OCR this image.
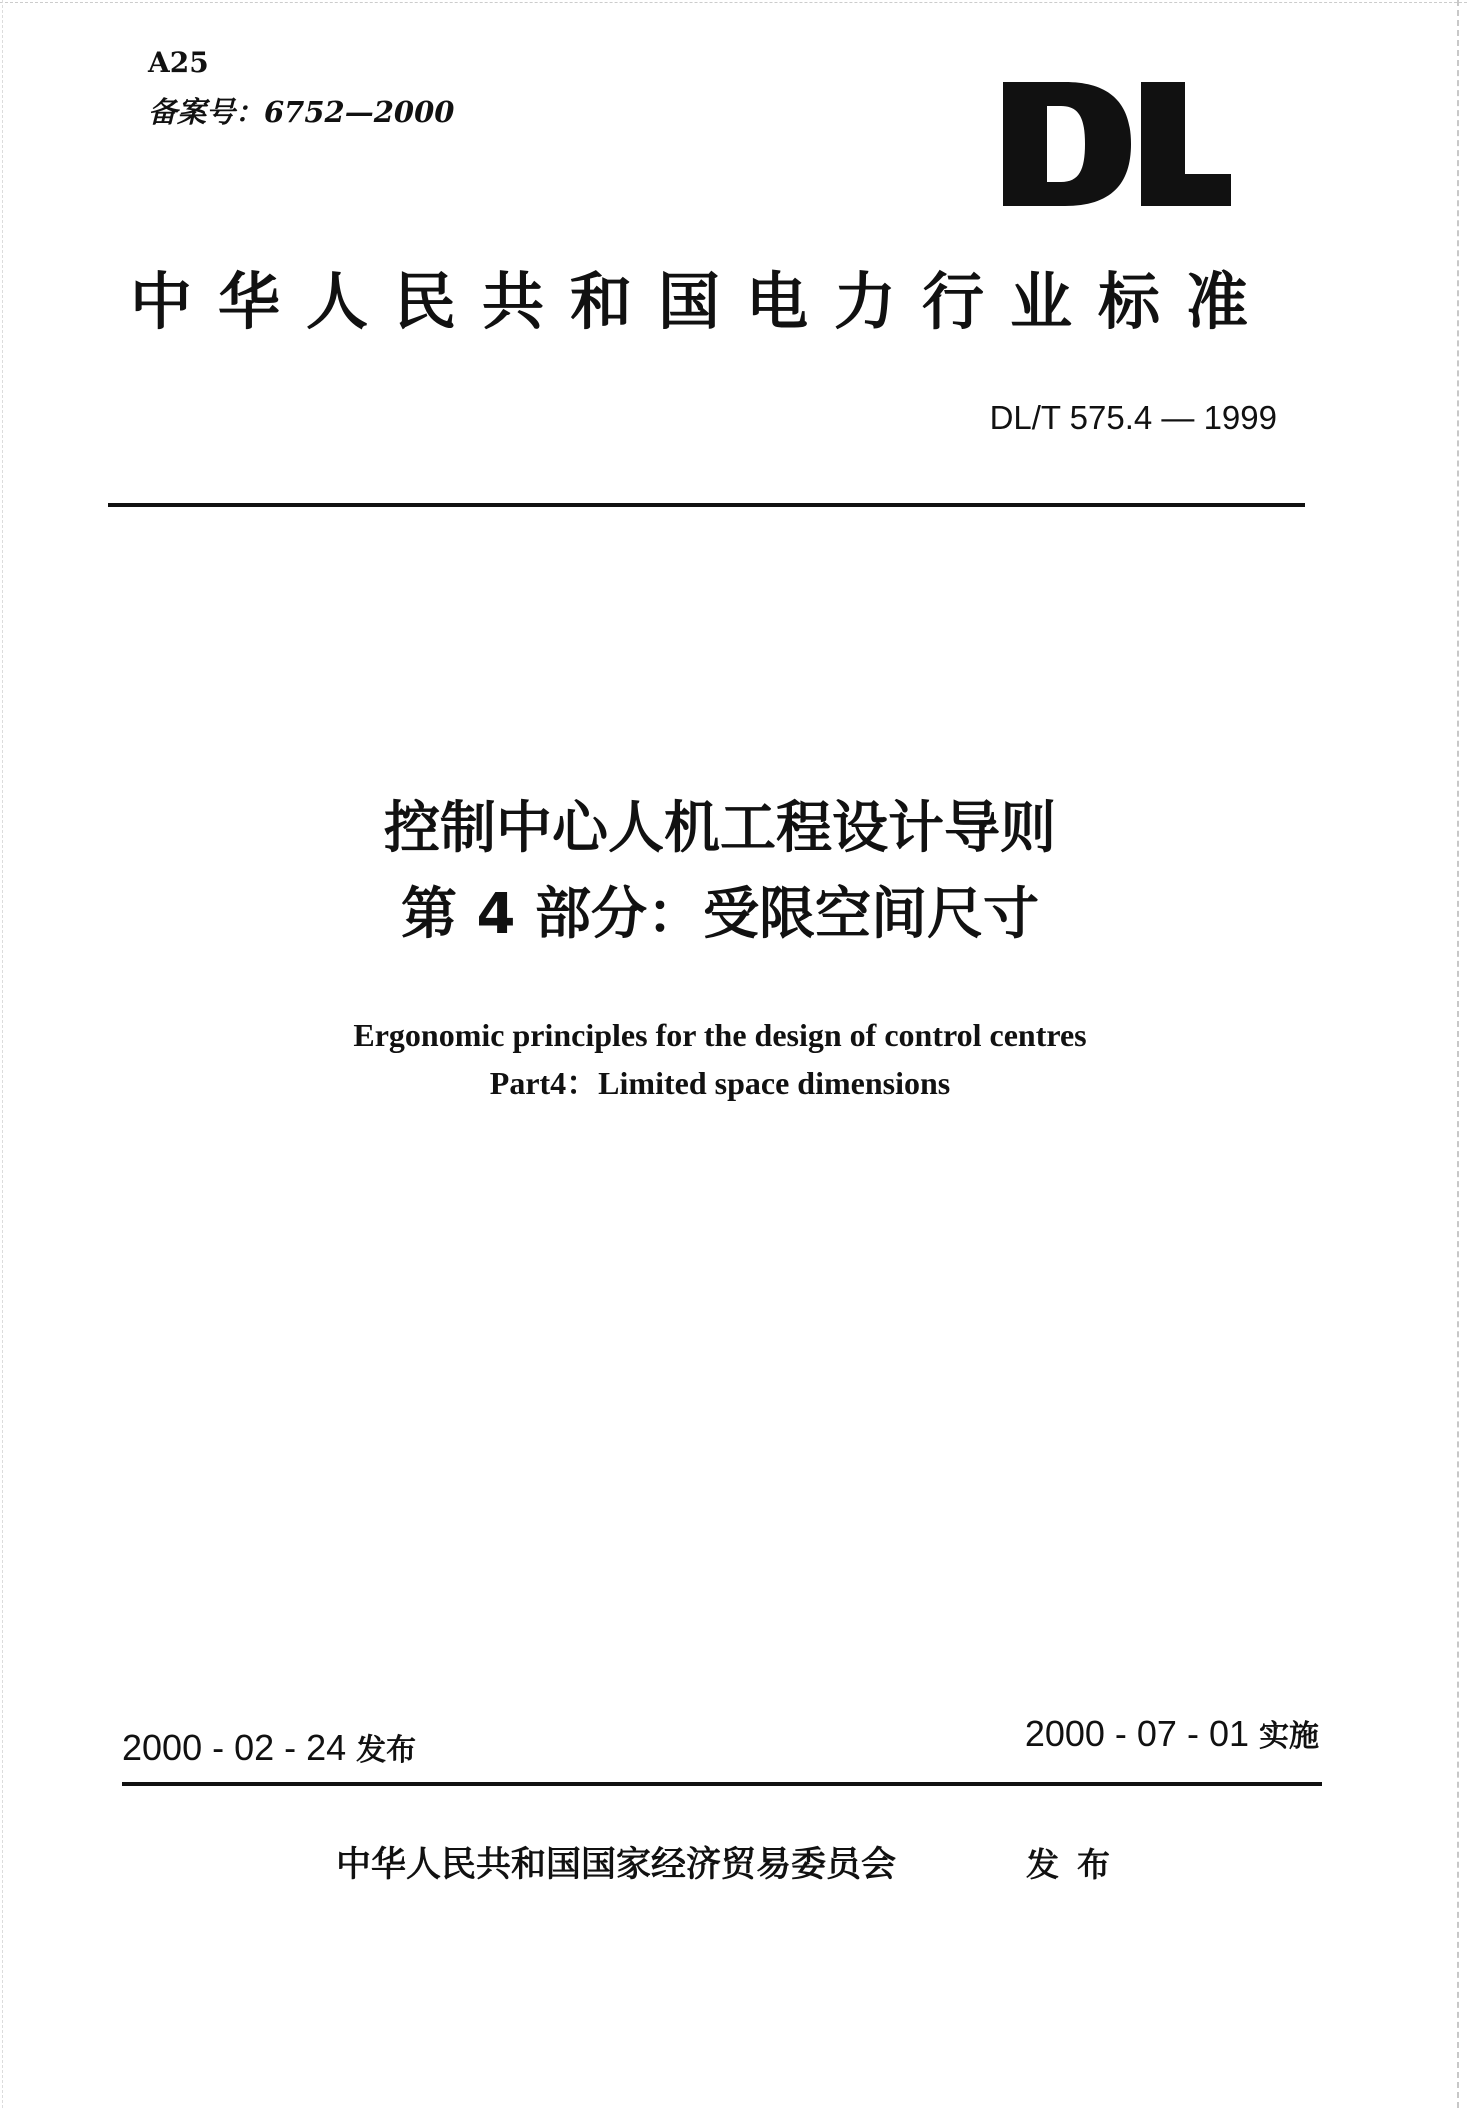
A25
备案号：6752—2000
中华人民共和国电力行业标准
DL/T 575.4 — 1999
控制中心人机工程设计导则
第 4 部分：受限空间尺寸
Ergonomic principles for the design of control centres
Part4：Limited space dimensions
2000 - 02 - 24 发布	2000 - 07 - 01 实施
中华人民共和国国家经济贸易委员会	发布
